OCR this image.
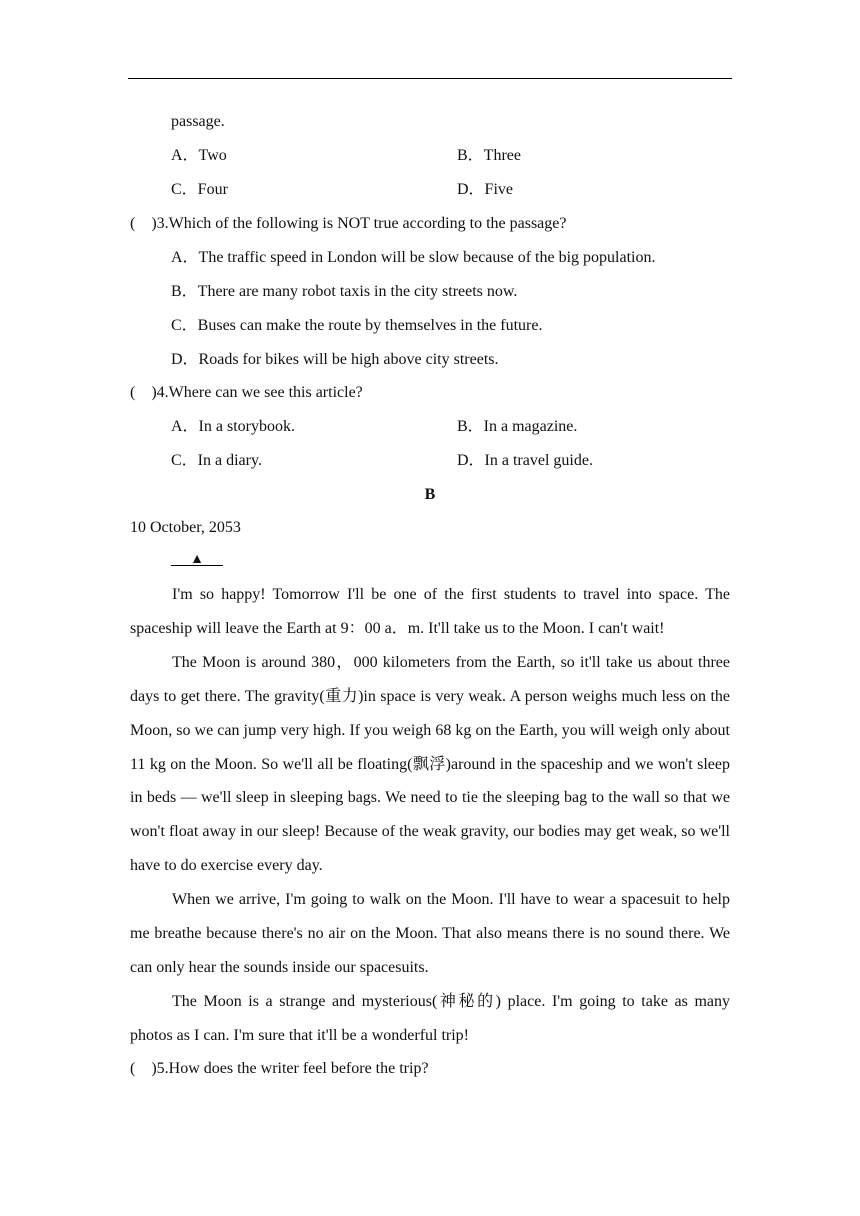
passage.
A．Two	B．Three
C．Four	D．Five
(　)3.Which of the following is NOT true according to the passage?
A．The traffic speed in London will be slow because of the big population.
B．There are many robot taxis in the city streets now.
C．Buses can make the route by themselves in the future.
D．Roads for bikes will be high above city streets.
(　)4.Where can we see this article?
A．In a storybook.	B．In a magazine.
C．In a diary.	D．In a travel guide.
B
10 October, 2053
▲

I'm so happy! Tomorrow I'll be one of the first students to travel into space. The spaceship will leave the Earth at 9：00 a．m. It'll take us to the Moon. I can't wait!

The Moon is around 380，000 kilometers from the Earth, so it'll take us about three days to get there. The gravity(重力)in space is very weak. A person weighs much less on the Moon, so we can jump very high. If you weigh 68 kg on the Earth, you will weigh only about 11 kg on the Moon. So we'll all be floating(飘浮)around in the spaceship and we won't sleep in beds — we'll sleep in sleeping bags. We need to tie the sleeping bag to the wall so that we won't float away in our sleep! Because of the weak gravity, our bodies may get weak, so we'll have to do exercise every day.

When we arrive, I'm going to walk on the Moon. I'll have to wear a spacesuit to help me breathe because there's no air on the Moon. That also means there is no sound there. We can only hear the sounds inside our spacesuits.

The Moon is a strange and mysterious(神秘的) place. I'm going to take as many photos as I can. I'm sure that it'll be a wonderful trip!

(　)5.How does the writer feel before the trip?
